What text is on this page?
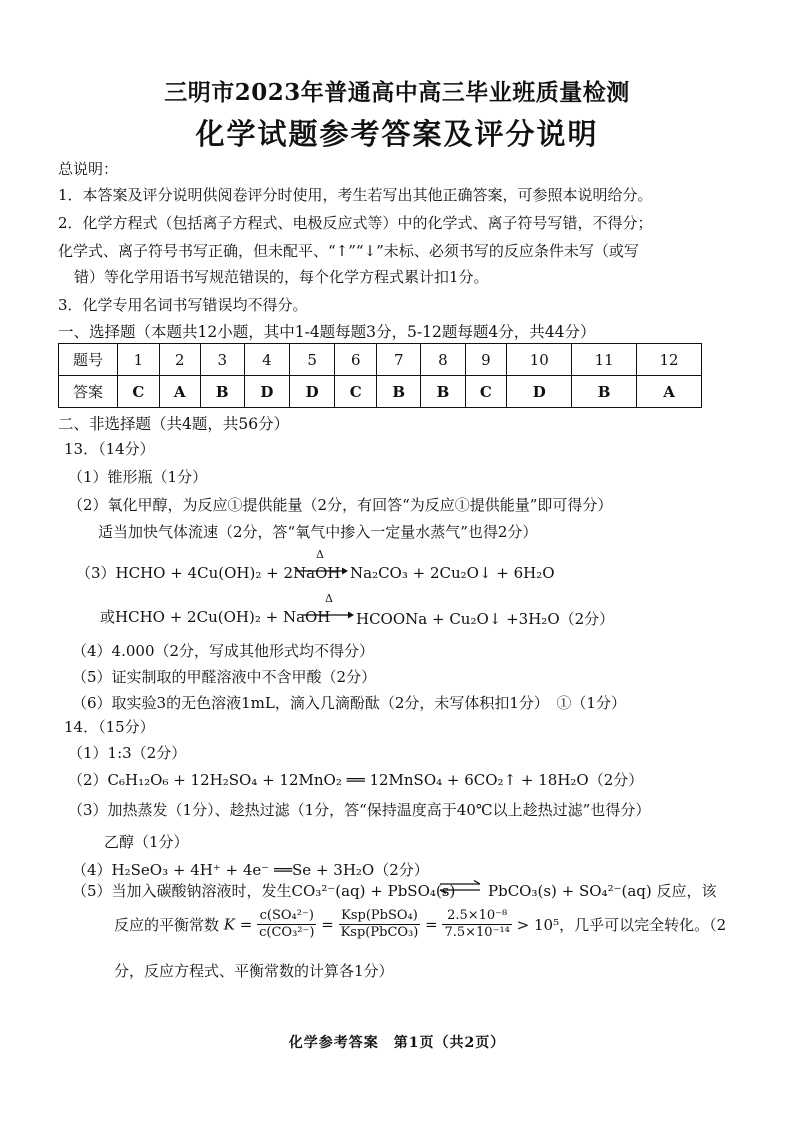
三明市2023年普通高中高三毕业班质量检测
化学试题参考答案及评分说明
总说明：
1．本答案及评分说明供阅卷评分时使用，考生若写出其他正确答案，可参照本说明给分。
2．化学方程式（包括离子方程式、电极反应式等）中的化学式、离子符号写错，不得分；
化学式、离子符号书写正确，但未配平、“↑”“↓”未标、必须书写的反应条件未写（或写
错）等化学用语书写规范错误的，每个化学方程式累计扣1分。
3．化学专用名词书写错误均不得分。
一、选择题（本题共12小题，其中1-4题每题3分，5-12题每题4分，共44分）
题号	1	2	3	4	5	6	7	8	9	10	11	12
答案	C	A	B	D	D	C	B	B	C	D	B	A
二、非选择题（共4题，共56分）
13．（14分）
（1）锥形瓶（1分）
（2）氧化甲醇，为反应①提供能量（2分，有回答“为反应①提供能量”即可得分）
适当加快气体流速（2分，答“氧气中掺入一定量水蒸气”也得2分）
（3）HCHO + 4Cu(OH)₂ + 2NaOH
Δ
→ Na₂CO₃ + 2Cu₂O↓ + 6H₂O
或HCHO + 2Cu(OH)₂ + NaOH
Δ
→ HCOONa + Cu₂O↓ +3H₂O（2分）
（4）4.000（2分，写成其他形式均不得分）
（5）证实制取的甲醛溶液中不含甲酸（2分）
（6）取实验3的无色溶液1mL，滴入几滴酚酞（2分，未写体积扣1分）　①（1分）
14．（15分）
（1）1:3（2分）
（2）C₆H₁₂O₆ + 12H₂SO₄ + 12MnO₂ ══ 12MnSO₄ + 6CO₂↑ + 18H₂O（2分）
（3）加热蒸发（1分）、趁热过滤（1分，答“保持温度高于40℃以上趁热过滤”也得分）
乙醇（1分）
（4）H₂SeO₃ + 4H⁺ + 4e⁻ ══Se + 3H₂O（2分）
（5）当加入碳酸钠溶液时，发生CO₃²⁻(aq) + PbSO₄(s) ⇌ PbCO₃(s) + SO₄²⁻(aq) 反应，该
反应的平衡常数 $K = \frac{\text{c(SO₄²⁻)}}{\text{c(CO₃²⁻)}} = \frac{\text{Ksp(PbSO₄)}}{\text{Ksp(PbCO₃)}} = \frac{\text{2.5×10⁻⁸}}{\text{7.5×10⁻¹⁴}} > 10^5$，几乎可以完全转化。（2
分，反应方程式、平衡常数的计算各1分）
化学参考答案　第1页（共2页）
